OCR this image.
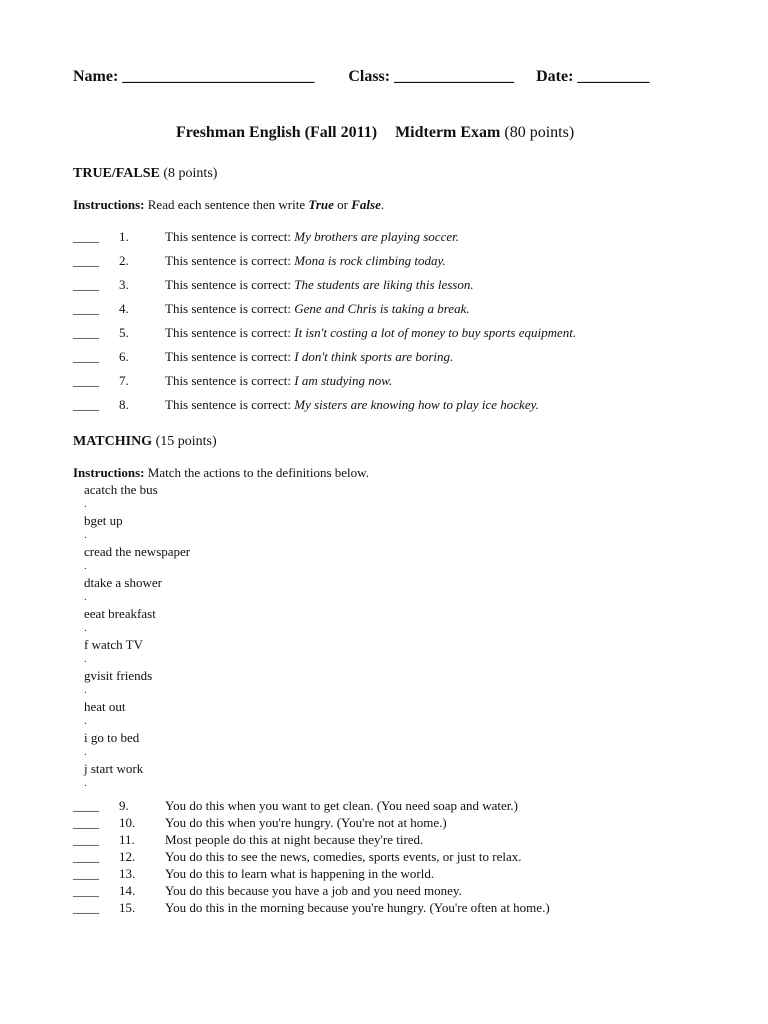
Name: ________________________ Class: _______________ Date: _________
Freshman English (Fall 2011) Midterm Exam (80 points)
TRUE/FALSE (8 points)
Instructions: Read each sentence then write True or False.
____ 1.	This sentence is correct: My brothers are playing soccer.
____ 2.	This sentence is correct: Mona is rock climbing today.
____ 3.	This sentence is correct: The students are liking this lesson.
____ 4.	This sentence is correct: Gene and Chris is taking a break.
____ 5.	This sentence is correct: It isn't costing a lot of money to buy sports equipment.
____ 6.	This sentence is correct: I don't think sports are boring.
____ 7.	This sentence is correct: I am studying now.
____ 8.	This sentence is correct: My sisters are knowing how to play ice hockey.
MATCHING (15 points)
Instructions: Match the actions to the definitions below.
acatch the bus
.
bget up
.
cread the newspaper
.
dtake a shower
.
eeat breakfast
.
f watch TV
.
gvisit friends
.
heat out
.
i go to bed
.
j start work
.
____ 9.	You do this when you want to get clean. (You need soap and water.)
____ 10. You do this when you're hungry. (You're not at home.)
____ 11. Most people do this at night because they're tired.
____ 12. You do this to see the news, comedies, sports events, or just to relax.
____ 13. You do this to learn what is happening in the world.
____ 14. You do this because you have a job and you need money.
____ 15. You do this in the morning because you're hungry. (You're often at home.)
